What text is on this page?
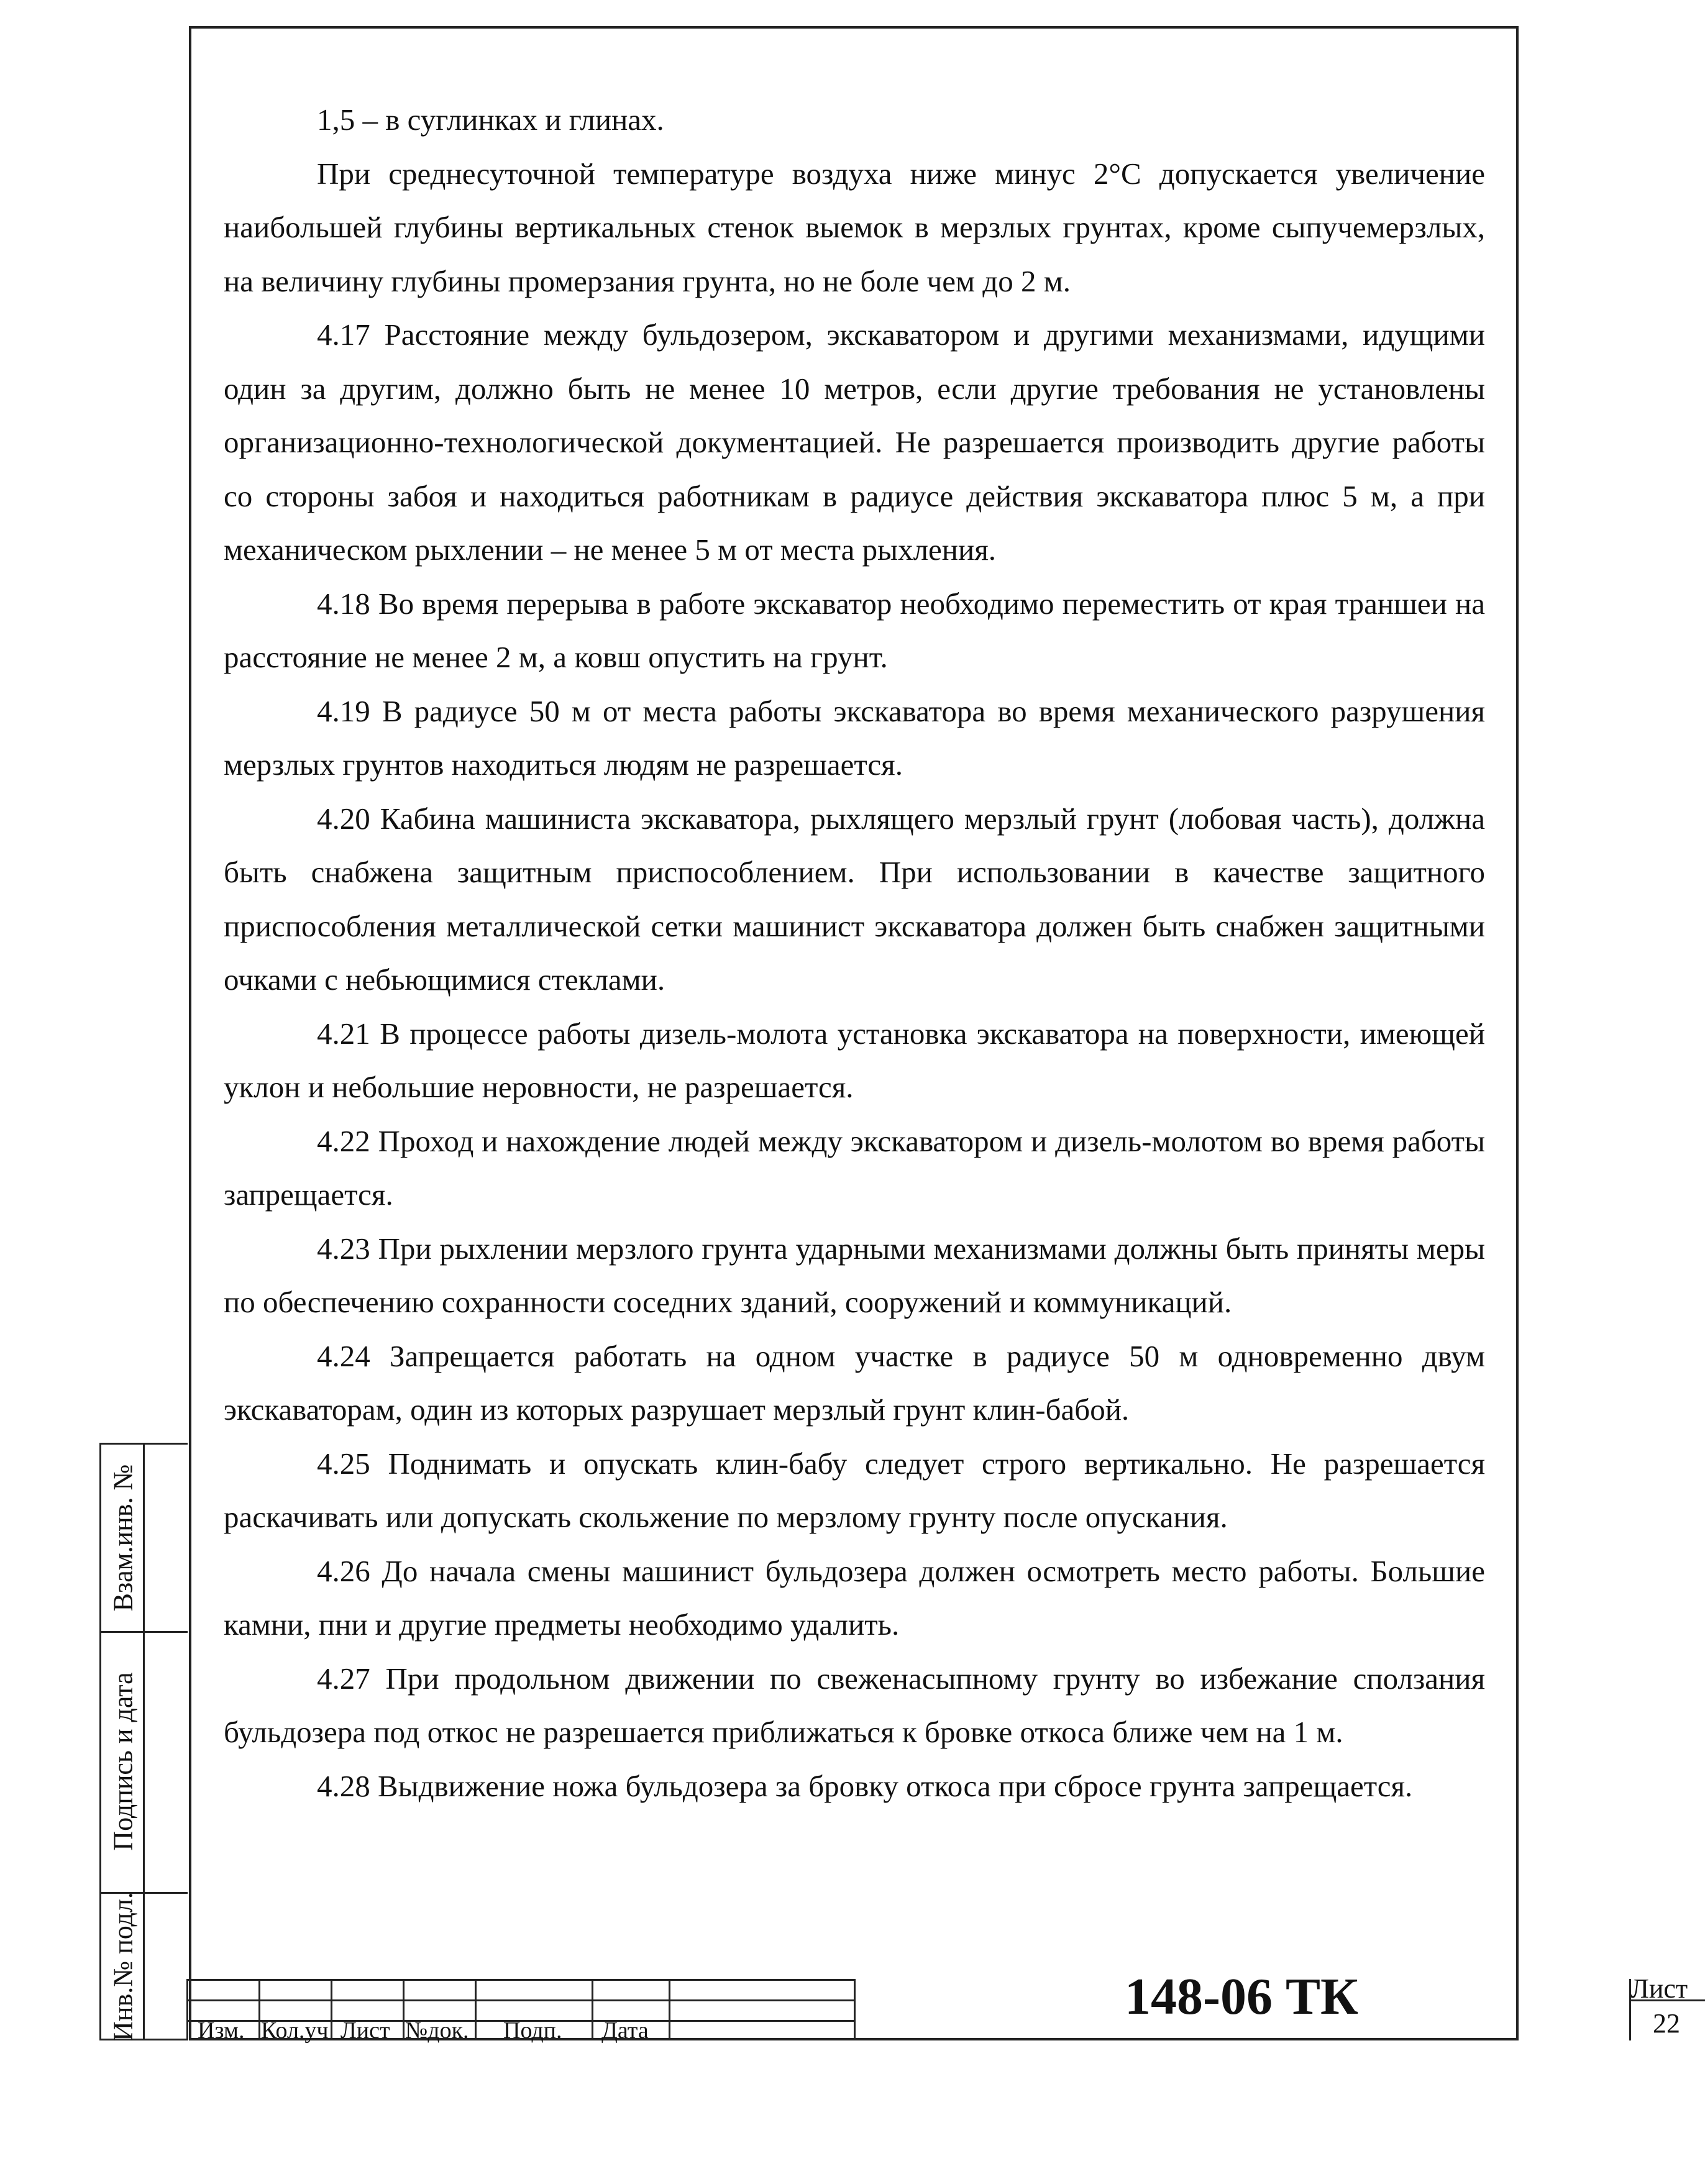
1,5 – в суглинках и глинах.

При среднесуточной температуре воздуха ниже минус 2°С допускается увеличение наибольшей глубины вертикальных стенок выемок в мерзлых грунтах, кроме сыпучемерзлых, на величину глубины промерзания грунта, но не боле чем до 2 м.

4.17 Расстояние между бульдозером, экскаватором и другими механизмами, идущими один за другим, должно быть не менее 10 метров, если другие требования не установлены организационно-технологической документацией. Не разрешается производить другие работы со стороны забоя и находиться работникам в радиусе действия экскаватора плюс 5 м, а при механическом рыхлении – не менее 5 м от места рыхления.

4.18 Во время перерыва в работе экскаватор необходимо переместить от края траншеи на расстояние не менее 2 м, а ковш опустить на грунт.

4.19 В радиусе 50 м от места работы экскаватора во время механического разрушения мерзлых грунтов находиться людям не разрешается.

4.20 Кабина машиниста экскаватора, рыхлящего мерзлый грунт (лобовая часть), должна быть снабжена защитным приспособлением. При использовании в качестве защитного приспособления металлической сетки машинист экскаватора должен быть снабжен защитными очками с небьющимися стеклами.

4.21 В процессе работы дизель-молота установка экскаватора на поверхности, имеющей уклон и небольшие неровности, не разрешается.

4.22 Проход и нахождение людей между экскаватором и дизель-молотом во время работы запрещается.

4.23 При рыхлении мерзлого грунта ударными механизмами должны быть приняты меры по обеспечению сохранности соседних зданий, сооружений и коммуникаций.

4.24 Запрещается работать на одном участке в радиусе 50 м одновременно двум экскаваторам, один из которых разрушает мерзлый грунт клин-бабой.

4.25 Поднимать и опускать клин-бабу следует строго вертикально. Не разрешается раскачивать или допускать скольжение по мерзлому грунту после опускания.

4.26 До начала смены машинист бульдозера должен осмотреть место работы. Большие камни, пни и другие предметы необходимо удалить.

4.27 При продольном движении по свеженасыпному грунту во избежание сползания бульдозера под откос не разрешается приближаться к бровке откоса ближе чем на 1 м.

4.28 Выдвижение ножа бульдозера за бровку откоса при сбросе грунта запрещается.

Взам.инв. №
Подпись и дата
Инв.№ подл.	Изм. Кол.уч Лист №док. Подп. Дата
148-06 ТК	Лист
22
